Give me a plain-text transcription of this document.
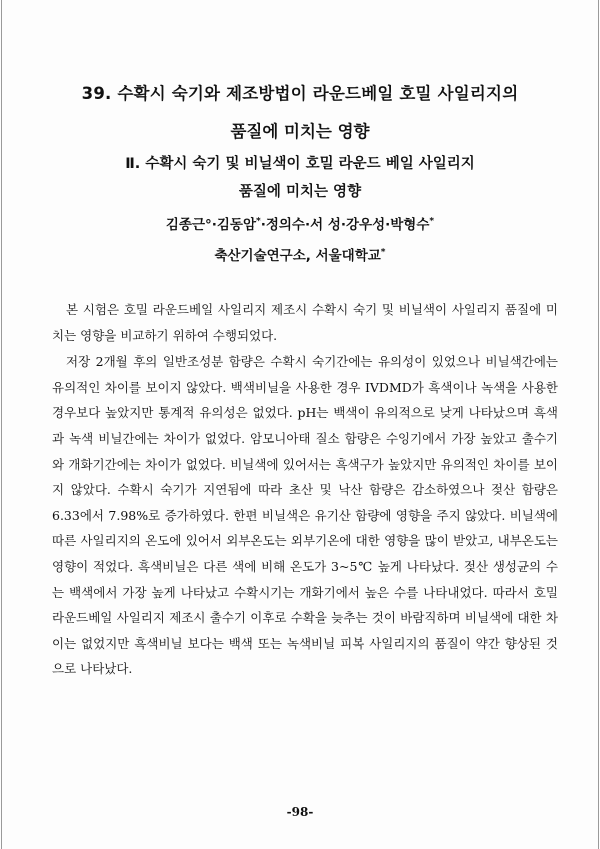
39. 수확시 숙기와 제조방법이 라운드베일 호밀 사일리지의
품질에 미치는 영향
Ⅱ. 수확시 숙기 및 비닐색이 호밀 라운드 베일 사일리지
품질에 미치는 영향
김종근°·김동암*·정의수·서 성·강우성·박형수*
축산기술연구소, 서울대학교*

본 시험은 호밀 라운드베일 사일리지 제조시 수확시 숙기 및 비닐색이 사일리지 품질에 미치는 영향을 비교하기 위하여 수행되었다.

저장 2개월 후의 일반조성분 함량은 수확시 숙기간에는 유의성이 있었으나 비닐색간에는 유의적인 차이를 보이지 않았다. 백색비닐을 사용한 경우 IVDMD가 흑색이나 녹색을 사용한 경우보다 높았지만 통계적 유의성은 없었다. pH는 백색이 유의적으로 낮게 나타났으며 흑색과 녹색 비닐간에는 차이가 없었다. 암모니아태 질소 함량은 수잉기에서 가장 높았고 출수기와 개화기간에는 차이가 없었다. 비닐색에 있어서는 흑색구가 높았지만 유의적인 차이를 보이지 않았다. 수확시 숙기가 지연됨에 따라 초산 및 낙산 함량은 감소하였으나 젖산 함량은 6.33에서 7.98%로 증가하였다. 한편 비닐색은 유기산 함량에 영향을 주지 않았다. 비닐색에 따른 사일리지의 온도에 있어서 외부온도는 외부기온에 대한 영향을 많이 받았고, 내부온도는 영향이 적었다. 흑색비닐은 다른 색에 비해 온도가 3~5℃ 높게 나타났다. 젖산 생성균의 수는 백색에서 가장 높게 나타났고 수확시기는 개화기에서 높은 수를 나타내었다. 따라서 호밀 라운드베일 사일리지 제조시 출수기 이후로 수확을 늦추는 것이 바람직하며 비닐색에 대한 차이는 없었지만 흑색비닐 보다는 백색 또는 녹색비닐 피복 사일리지의 품질이 약간 향상된 것으로 나타났다.

-98-
